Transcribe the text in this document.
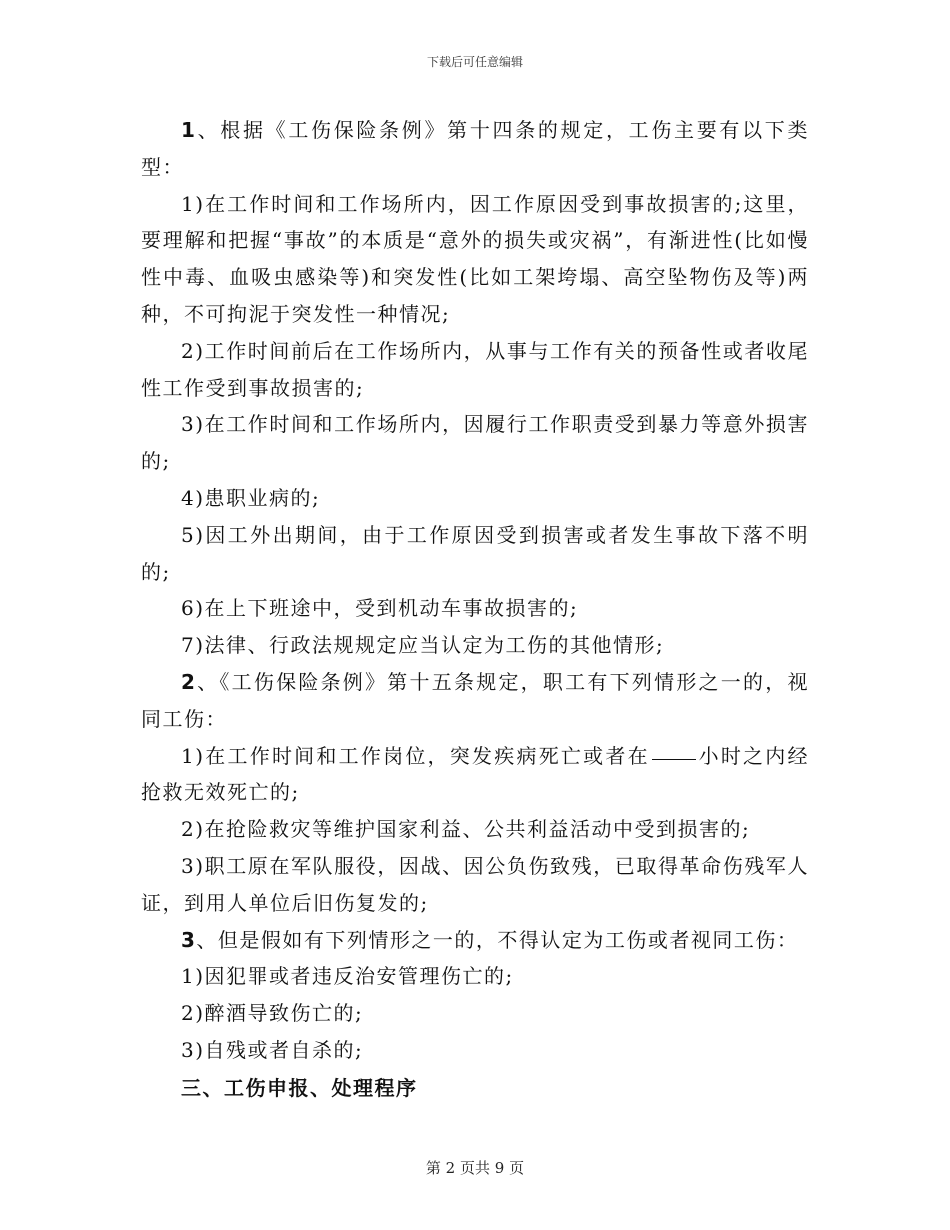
下载后可任意编辑

1、根据《工伤保险条例》第十四条的规定，工伤主要有以下类型：

1)在工作时间和工作场所内，因工作原因受到事故损害的;这里，要理解和把握“事故”的本质是“意外的损失或灾祸”，有渐进性(比如慢性中毒、血吸虫感染等)和突发性(比如工架垮塌、高空坠物伤及等)两种，不可拘泥于突发性一种情况;

2)工作时间前后在工作场所内，从事与工作有关的预备性或者收尾性工作受到事故损害的;

3)在工作时间和工作场所内，因履行工作职责受到暴力等意外损害的;

4)患职业病的;

5)因工外出期间，由于工作原因受到损害或者发生事故下落不明的;

6)在上下班途中，受到机动车事故损害的;

7)法律、行政法规规定应当认定为工伤的其他情形;

2、《工伤保险条例》第十五条规定，职工有下列情形之一的，视同工伤：

1)在工作时间和工作岗位，突发疾病死亡或者在 小时之内经抢救无效死亡的;

2)在抢险救灾等维护国家利益、公共利益活动中受到损害的;

3)职工原在军队服役，因战、因公负伤致残，已取得革命伤残军人证，到用人单位后旧伤复发的;

3、但是假如有下列情形之一的，不得认定为工伤或者视同工伤：

1)因犯罪或者违反治安管理伤亡的;

2)醉酒导致伤亡的;

3)自残或者自杀的;

三、工伤申报、处理程序

第 2 页共 9 页
